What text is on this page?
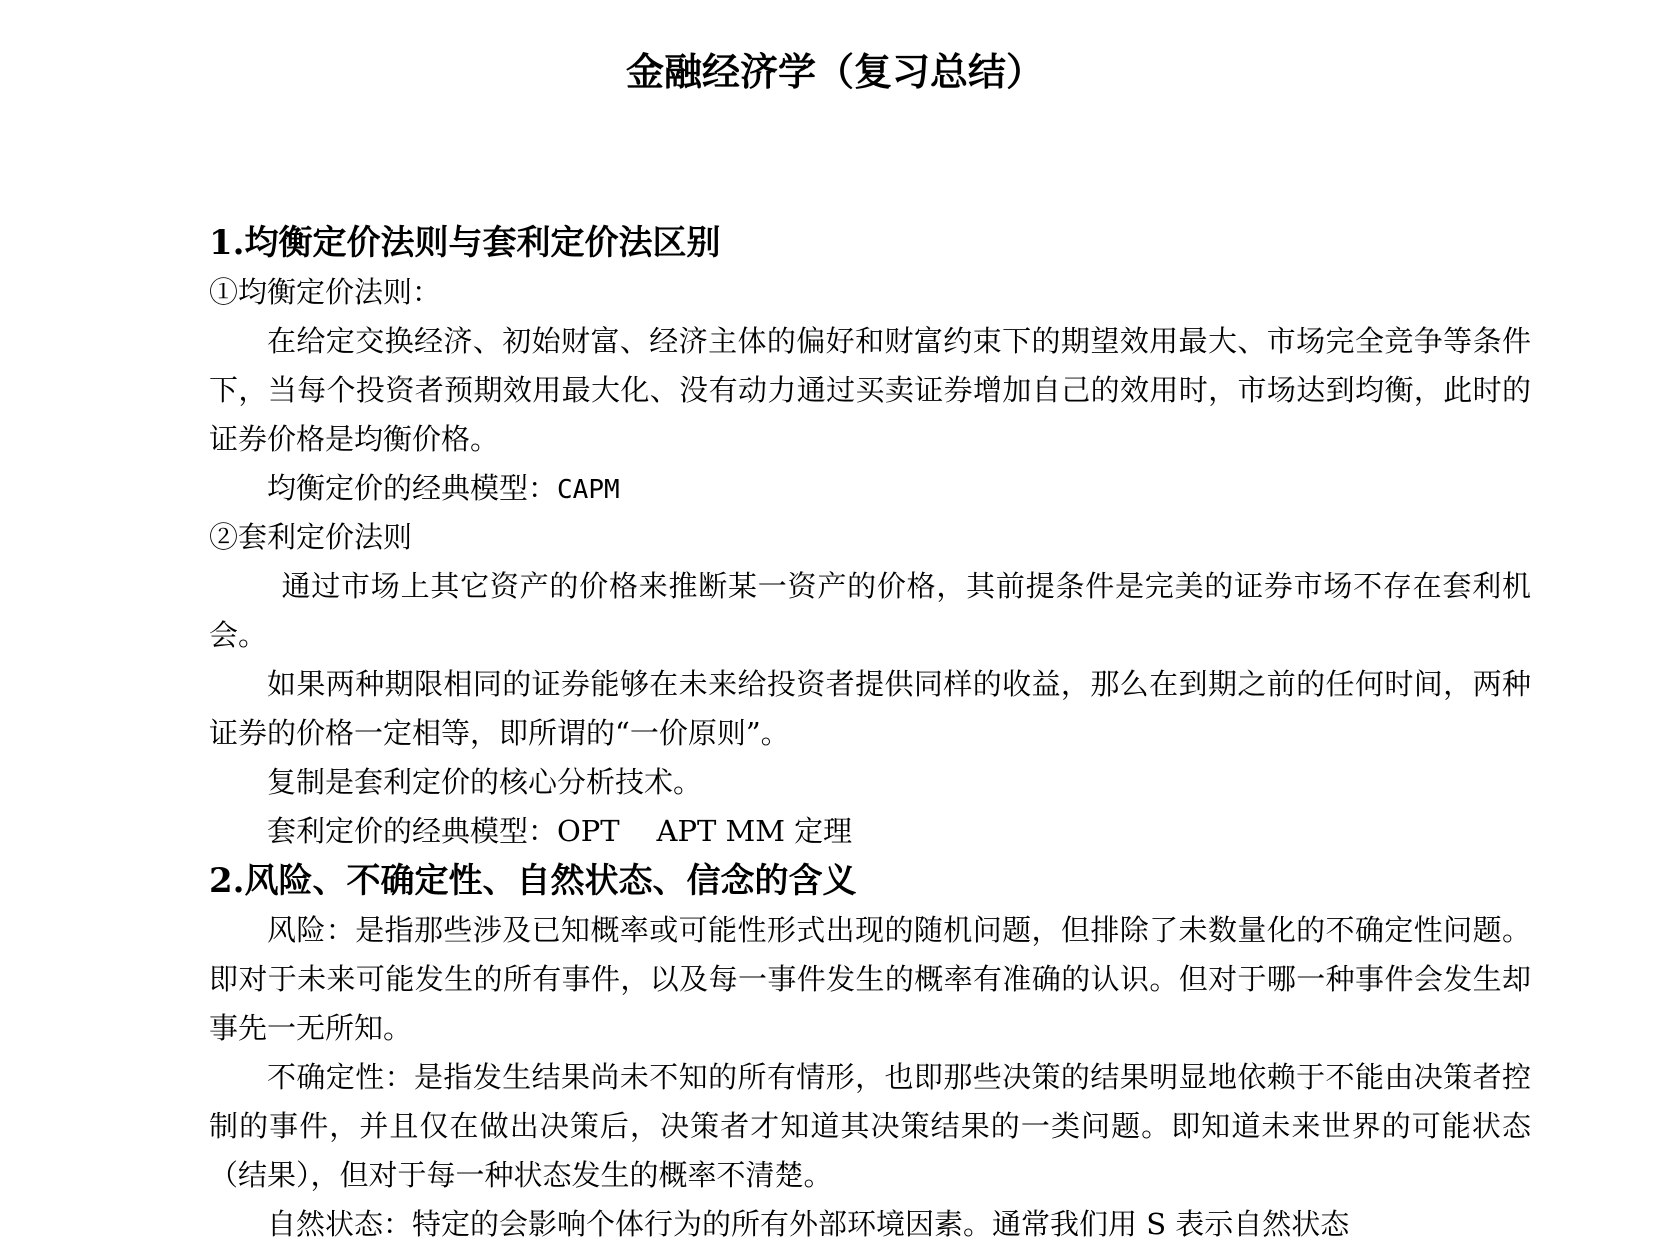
金融经济学（复习总结）
1.均衡定价法则与套利定价法区别
①均衡定价法则：

在给定交换经济、初始财富、经济主体的偏好和财富约束下的期望效用最大、市场完全竞争等条件下，当每个投资者预期效用最大化、没有动力通过买卖证券增加自己的效用时，市场达到均衡，此时的证券价格是均衡价格。

均衡定价的经典模型：CAPM
②套利定价法则

通过市场上其它资产的价格来推断某一资产的价格，其前提条件是完美的证券市场不存在套利机会。

如果两种期限相同的证券能够在未来给投资者提供同样的收益，那么在到期之前的任何时间，两种证券的价格一定相等，即所谓的“一价原则”。

复制是套利定价的核心分析技术。
套利定价的经典模型：OPT    APT MM 定理
2.风险、不确定性、自然状态、信念的含义

风险：是指那些涉及已知概率或可能性形式出现的随机问题，但排除了未数量化的不确定性问题。即对于未来可能发生的所有事件，以及每一事件发生的概率有准确的认识。但对于哪一种事件会发生却事先一无所知。

不确定性：是指发生结果尚未不知的所有情形，也即那些决策的结果明显地依赖于不能由决策者控制的事件，并且仅在做出决策后，决策者才知道其决策结果的一类问题。即知道未来世界的可能状态（结果），但对于每一种状态发生的概率不清楚。

自然状态：特定的会影响个体行为的所有外部环境因素。通常我们用 S 表示自然状态
